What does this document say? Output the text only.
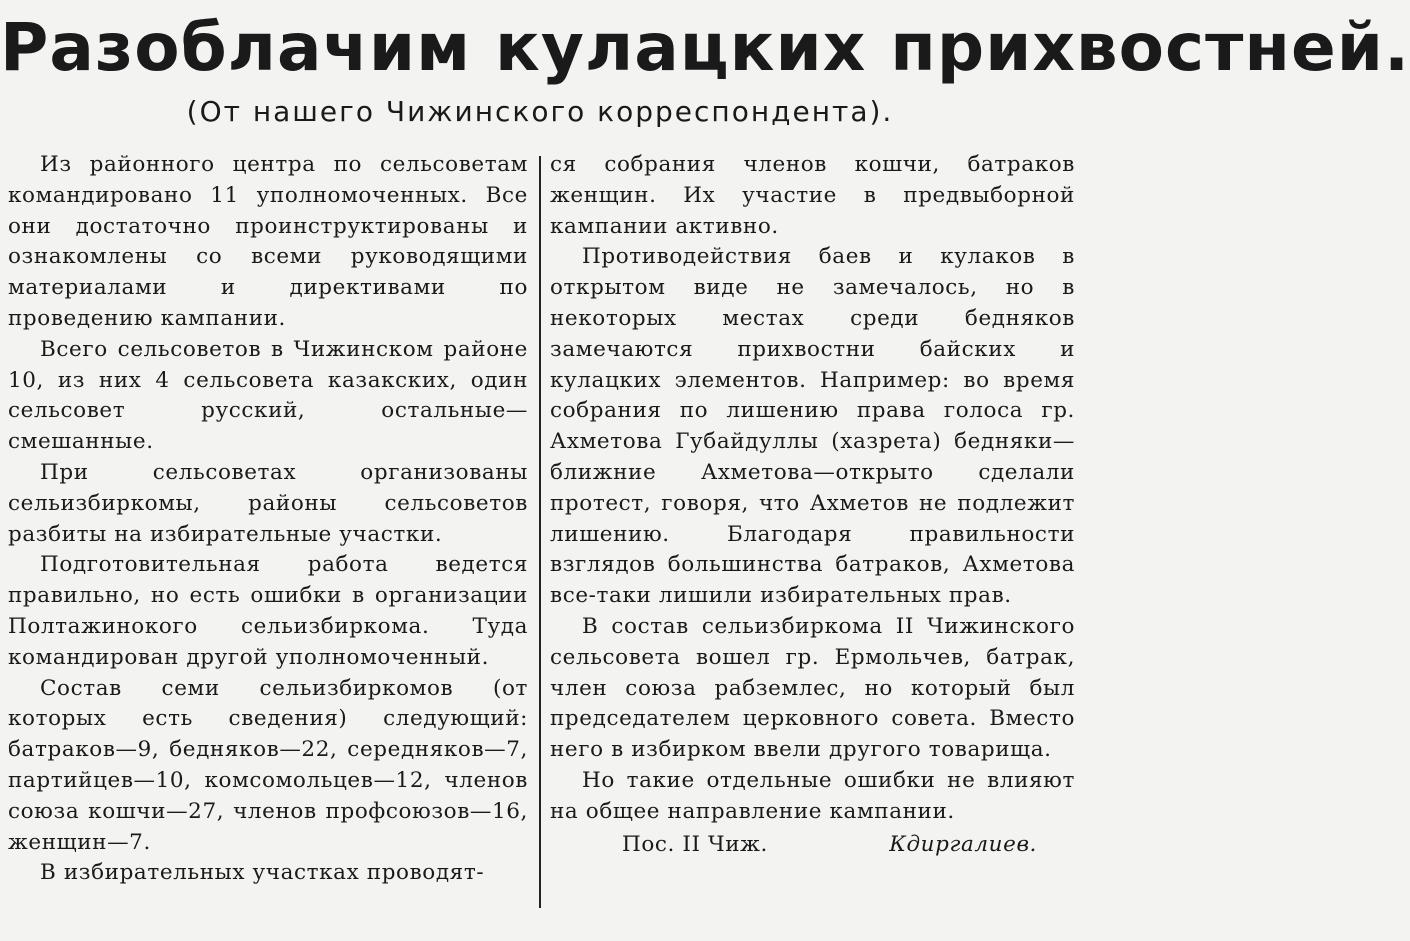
Разоблачим кулацких прихвостней.
(От нашего Чижинского корреспондента).

Из районного центра по сельсоветам командировано 11 уполномоченных. Все они достаточно проинструктированы и ознакомлены со всеми руководящими материалами и директивами по проведению кампании.

Всего сельсоветов в Чижинском районе 10, из них 4 сельсовета казакских, один сельсовет русский, остальные—смешанные.

При сельсоветах организованы сельизбиркомы, районы сельсоветов разбиты на избирательные участки.

Подготовительная работа ведется правильно, но есть ошибки в организации Полтажинокого сельизбиркома. Туда командирован другой уполномоченный.

Состав семи сельизбиркомов (от которых есть сведения) следующий: батраков—9, бедняков—22, середняков—7, партийцев—10, комсомольцев—12, членов союза кошчи—27, членов профсоюзов—16, женщин—7.

В избирательных участках проводят-

ся собрания членов кошчи, батраков женщин. Их участие в предвыборной кампании активно.

Противодействия баев и кулаков в открытом виде не замечалось, но в некоторых местах среди бедняков замечаются прихвостни байских и кулацких элементов. Например: во время собрания по лишению права голоса гр. Ахметова Губайдуллы (хазрета) бедняки—ближние Ахметова—открыто сделали протест, говоря, что Ахметов не подлежит лишению. Благодаря правильности взглядов большинства батраков, Ахметова все-таки лишили избирательных прав.

В состав сельизбиркома II Чижинского сельсовета вошел гр. Ермольчев, батрак, член союза рабземлес, но который был председателем церковного совета. Вместо него в избирком ввели другого товарища.

Но такие отдельные ошибки не влияют на общее направление кампании.

Пос. II Чиж.	Кдиргалиев.
